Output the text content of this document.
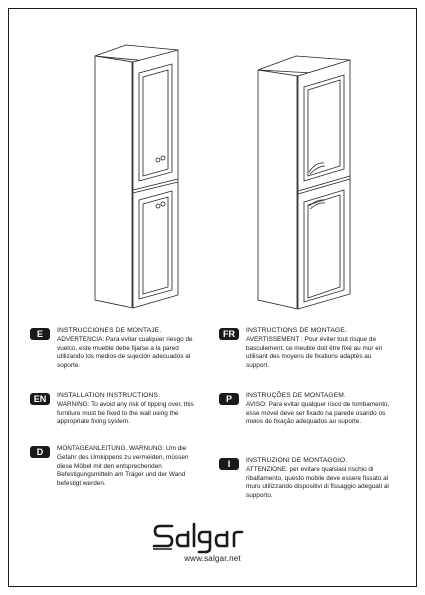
E	INSTRUCCIONES DE MONTAJE.
ADVERTENCIA: Para evitar cualquier riesgo de vuelco, este mueble debe fijarse a la pared utilizando los medios de sujeción adecuados al soporte.
EN	INSTALLATION INSTRUCTIONS.
WARNING: To avoid any risk of tipping over, this furniture must be fixed to the wall using the appropriate fixing system.
D	MONTAGEANLEITUNG. WARNUNG: Um die Gefahr des Umkippens zu vermeiden, müssen diese Möbel mit den entsprechenden Befestigungsmitteln am Träger und der Wand befestigt werden.
FR	INSTRUCTIONS DE MONTAGE.
AVERTISSEMENT : Pour éviter tout risque de basculement, ce meuble doit être fixé au mur en utilisant des moyens de fixations adaptés au support.
P	INSTRUÇÕES DE MONTAGEM.
AVISO: Para evitar qualquer risco de tombamento, esse móvel deve ser fixado na parede usando os meios de fixação adequados ao suporte.
I	INSTRUZIONI DE MONTAGGIO.
ATTENZIONE: per evitare qualsiasi rischio di ribaltamento, questo mobile deve essere fissato al muro utilizzando dispositivi di fissaggio adeguati al supporto.
www.salgar.net
